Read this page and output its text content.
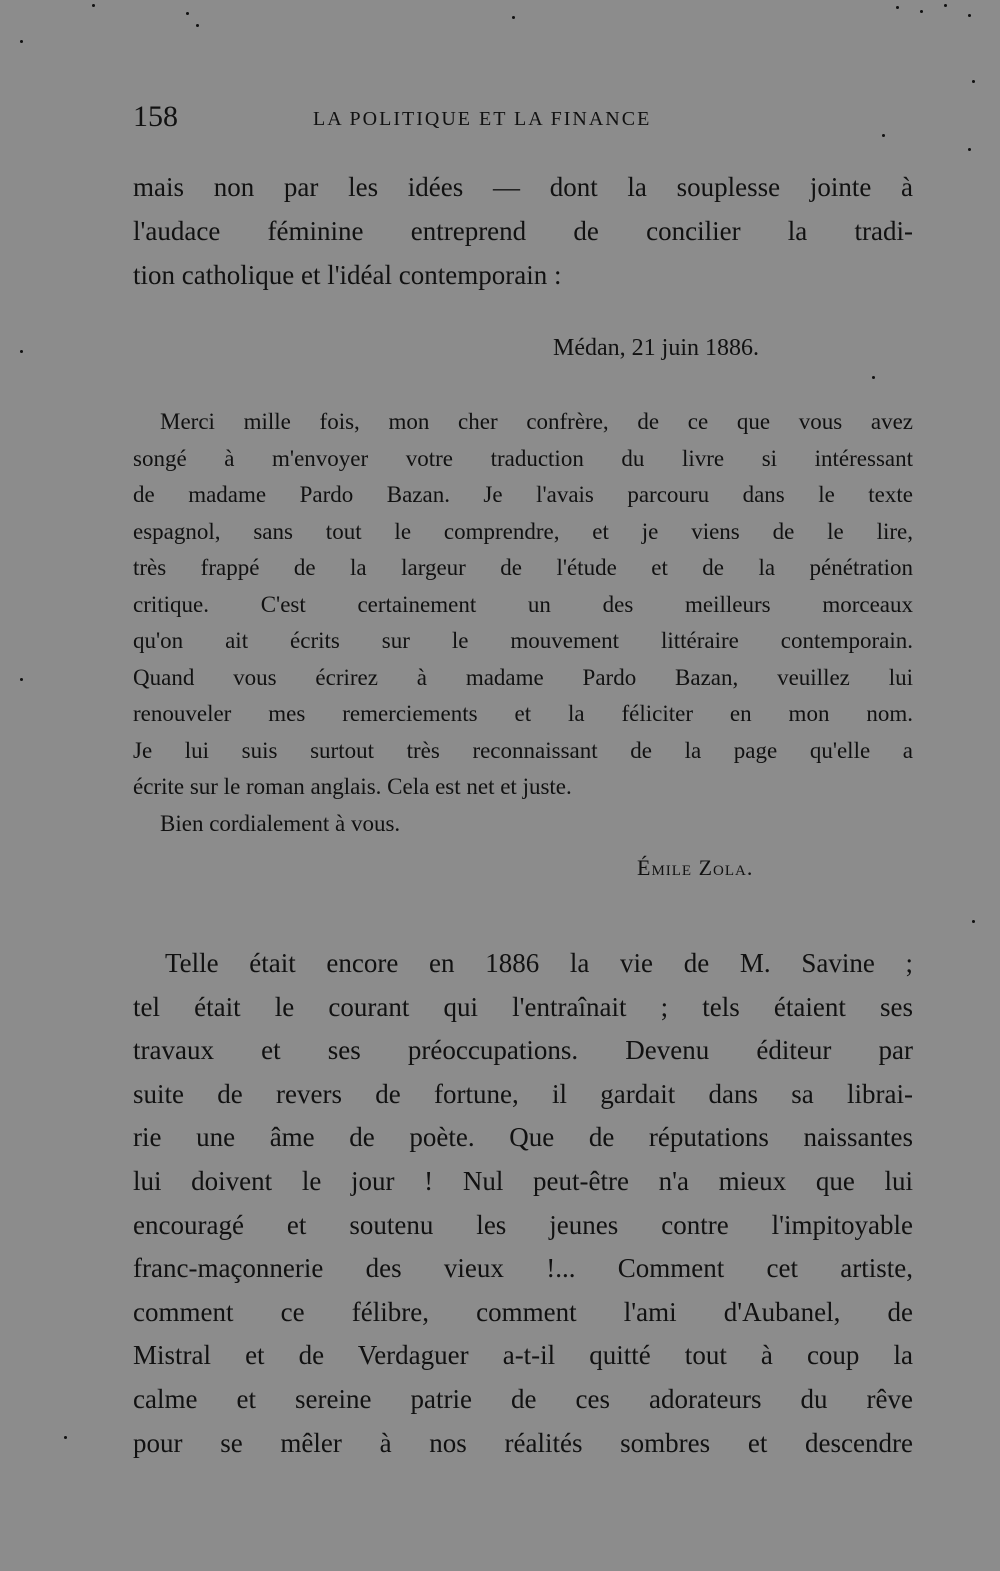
158	LA POLITIQUE ET LA FINANCE
mais non par les idées — dont la souplesse jointe à
l'audace féminine entreprend de concilier la tradi-
tion catholique et l'idéal contemporain :
Médan, 21 juin 1886.
Merci mille fois, mon cher confrère, de ce que vous avez
songé à m'envoyer votre traduction du livre si intéressant
de madame Pardo Bazan. Je l'avais parcouru dans le texte
espagnol, sans tout le comprendre, et je viens de le lire,
très frappé de la largeur de l'étude et de la pénétration
critique. C'est certainement un des meilleurs morceaux
qu'on ait écrits sur le mouvement littéraire contemporain.
Quand vous écrirez à madame Pardo Bazan, veuillez lui
renouveler mes remerciements et la féliciter en mon nom.
Je lui suis surtout très reconnaissant de la page qu'elle a
écrite sur le roman anglais. Cela est net et juste.
Bien cordialement à vous.
Émile Zola.
Telle était encore en 1886 la vie de M. Savine ;
tel était le courant qui l'entraînait ; tels étaient ses
travaux et ses préoccupations. Devenu éditeur par
suite de revers de fortune, il gardait dans sa librai-
rie une âme de poète. Que de réputations naissantes
lui doivent le jour ! Nul peut-être n'a mieux que lui
encouragé et soutenu les jeunes contre l'impitoyable
franc-maçonnerie des vieux !... Comment cet artiste,
comment ce félibre, comment l'ami d'Aubanel, de
Mistral et de Verdaguer a-t-il quitté tout à coup la
calme et sereine patrie de ces adorateurs du rêve
pour se mêler à nos réalités sombres et descendre
